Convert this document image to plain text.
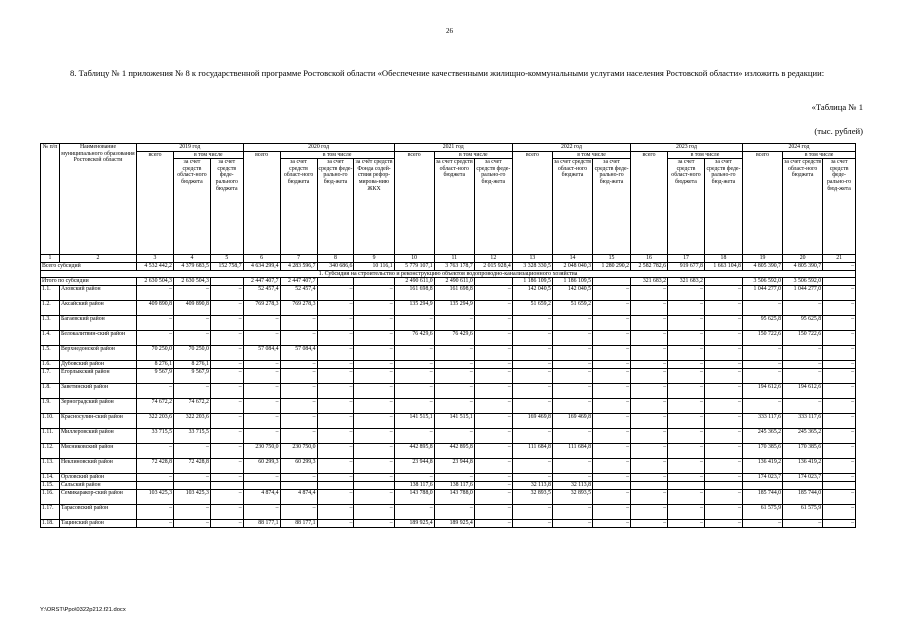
26
8. Таблицу № 1 приложения № 8 к государственной программе Ростовской области «Обеспечение качественными жилищно-коммунальными услугами населения Ростовской области» изложить в редакции:
«Таблица № 1
(тыс. рублей)
№ п/п	Наименование муниципального образования Ростовской области	2019 год			2020 год				2021 год			2022 год			2023 год			2024 год		
		всего	в том числе		всего	в том числе			всего	в том числе		всего	в том числе		всего	в том числе		всего	в том числе	
			за счет средств област-ного бюджета	за счет средств феде-рального бюджета		за счет средств област-ного бюджета	за счет средств феде-рально-го бюд-жета	за счёт средств Фонда содей-ствия рефор-мирова-нию ЖКХ		за счет средств област-ного бюджета	за счет средств феде-рально-го бюд-жета		за счет средств област-ного бюджета	за счет средств феде-рально-го бюд-жета		за счет средств област-ного бюджета	за счет средств феде-рально-го бюд-жета		за счет средств област-ного бюджета	за счет средств феде-рально-го бюд-жета
1	2	3	4	5	6	7	8	9	10	11	12	13	14	15	16	17	18	19	20	21
Всего субсидий		4 532 442,2	4 379 683,5	152 758,7	4 634 299,4	4 283 596,7	340 686,6	10 116,1	5 779 107,1	3 763 178,7	2 015 928,4	3 328 330,5	2 048 040,3	1 280 290,2	2 582 782,6	919 677,8	1 663 104,8	4 805 390,7	4 805 390,7	–
1. Субсидия на строительство и реконструкцию объектов водопроводно-канализационного хозяйства																				
Итого по субсидии		2 630 504,3	2 630 504,3		2 447 407,7	2 447 407,7			2 490 611,0	2 490 611,0		1 186 109,5	1 186 109,5		321 683,2	321 683,2		3 506 592,0	3 506 592,0	
1.1.	Азовский район	–	–	–	52 457,4	52 457,4	–	–	161 698,8	161 698,8	–	142 040,5	142 040,5	–	–	–	–	1 044 277,0	1 044 277,0	–
1.2.	Аксайский район	409 890,8	409 890,8	–	769 278,3	769 278,3	–	–	135 294,9	135 294,9	–	51 659,2	51 659,2	–	–	–	–	–	–	–
1.3.	Багаевский район	–	–	–	–	–	–	–	–	–	–	–	–	–	–	–	–	95 625,8	95 625,8	–
1.4.	Белокалитвин-ский район	–	–	–	–	–	–	–	76 429,6	76 429,6	–	–	–	–	–	–	–	150 722,6	150 722,6	–
1.5.	Верхнедонской район	70 250,0	70 250,0	–	57 084,4	57 084,4	–	–	–	–	–	–	–	–	–	–	–	–	–	–
1.6.	Дубовский район	8 276,1	8 276,1	–	–	–	–	–	–	–	–	–	–	–	–	–	–	–	–	–
1.7.	Егорлыкский район	9 567,9	9 567,9	–	–	–	–	–	–	–	–	–	–	–	–	–	–	–	–	–
1.8.	Заветинский район	–	–	–	–	–	–	–	–	–	–	–	–	–	–	–	–	194 612,6	194 612,6	–
1.9.	Зерноградский район	74 672,2	74 672,2	–	–	–	–	–	–	–	–	–	–	–	–	–	–	–	–	–
1.10.	Красносулин-ский район	322 203,6	322 203,6	–	–	–	–	–	141 515,1	141 515,1	–	169 469,8	169 469,8	–	–	–	–	333 117,6	333 117,6	–
1.11.	Миллеровский район	33 715,5	33 715,5	–	–	–	–	–	–	–	–	–	–	–	–	–	–	245 365,2	245 365,2	–
1.12.	Мясниковский район	–	–	–	230 750,0	230 750,0	–	–	442 895,8	442 895,8	–	111 684,8	111 684,8	–	–	–	–	170 385,6	170 385,6	–
1.13.	Неклиновский район	72 428,8	72 428,8	–	60 299,3	60 299,3	–	–	23 944,8	23 944,8	–	–	–	–	–	–	–	136 419,2	136 419,2	–
1.14.	Орловский район	–	–	–	–	–	–	–	–	–	–	–	–	–	–	–	–	174 023,7	174 023,7	–
1.15.	Сальский район								138 117,6	138 117,6	–	32 113,8	32 113,8							
1.16.	Семикаракор-ский район	103 425,3	103 425,3	–	4 874,4	4 874,4	–	–	143 788,0	143 788,0	–	32 893,5	32 893,5	–	–	–	–	185 744,0	185 744,0	–
1.17.	Тарасовский район	–	–	–	–	–	–	–	–	–	–	–	–	–	–	–	–	61 575,9	61 575,9	–
1.18.	Тацинский район	–	–	–	88 177,1	88 177,1	–	–	189 925,4	189 925,4	–	–	–	–	–	–	–	–	–	–
Y:\ORST\Ppo\0322p212.f21.docx
